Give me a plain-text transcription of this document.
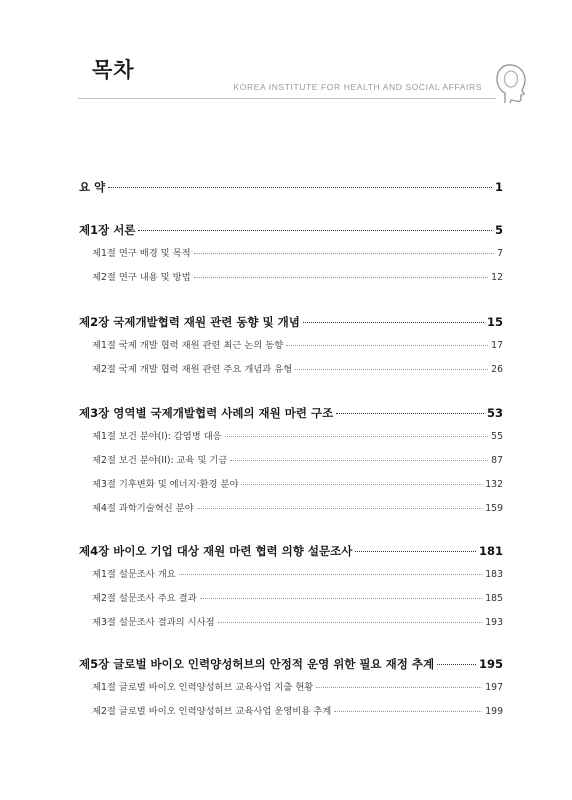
목차
KOREA INSTITUTE FOR HEALTH AND SOCIAL AFFAIRS
요 약	1
제1장 서론	5
제1절 연구 배경 및 목적	7
제2절 연구 내용 및 방법	12
제2장 국제개발협력 재원 관련 동향 및 개념	15
제1절 국제 개발 협력 재원 관련 최근 논의 동향	17
제2절 국제 개발 협력 재원 관련 주요 개념과 유형	26
제3장 영역별 국제개발협력 사례의 재원 마련 구조	53
제1절 보건 분야(I): 감염병 대응	55
제2절 보건 분야(II): 교육 및 기금	87
제3절 기후변화 및 에너지·환경 분야	132
제4절 과학기술혁신 분야	159
제4장 바이오 기업 대상 재원 마련 협력 의향 설문조사	181
제1절 설문조사 개요	183
제2절 설문조사 주요 결과	185
제3절 설문조사 결과의 시사점	193
제5장 글로벌 바이오 인력양성허브의 안정적 운영 위한 필요 재정 추계	195
제1절 글로벌 바이오 인력양성허브 교육사업 지출 현황	197
제2절 글로벌 바이오 인력양성허브 교육사업 운영비용 추계	199
